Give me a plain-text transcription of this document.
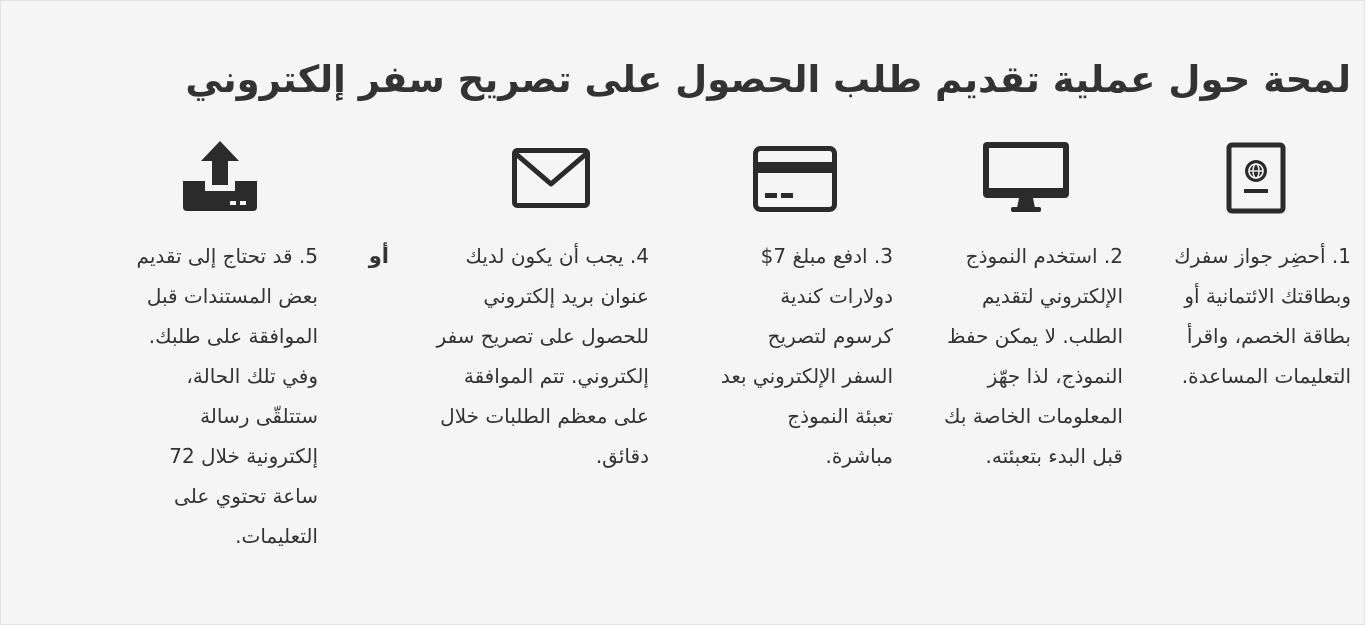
لمحة حول عملية تقديم طلب الحصول على تصريح سفر إلكتروني
1. أحضِر جواز سفرك وبطاقتك الائتمانية أو بطاقة الخصم، واقرأ التعليمات المساعدة.
2. استخدم النموذج الإلكتروني لتقديم الطلب. لا يمكن حفظ النموذج، لذا جهّز المعلومات الخاصة بك قبل البدء بتعبئته.
3. ادفع مبلغ 7$ دولارات كندية كرسوم لتصريح السفر الإلكتروني بعد تعبئة النموذج مباشرة.
4. يجب أن يكون لديك عنوان بريد إلكتروني للحصول على تصريح سفر إلكتروني. تتم الموافقة على معظم الطلبات خلال دقائق.
أو
5. قد تحتاج إلى تقديم بعض المستندات قبل الموافقة على طلبك. وفي تلك الحالة، ستتلقّى رسالة إلكترونية خلال 72 ساعة تحتوي على التعليمات.
